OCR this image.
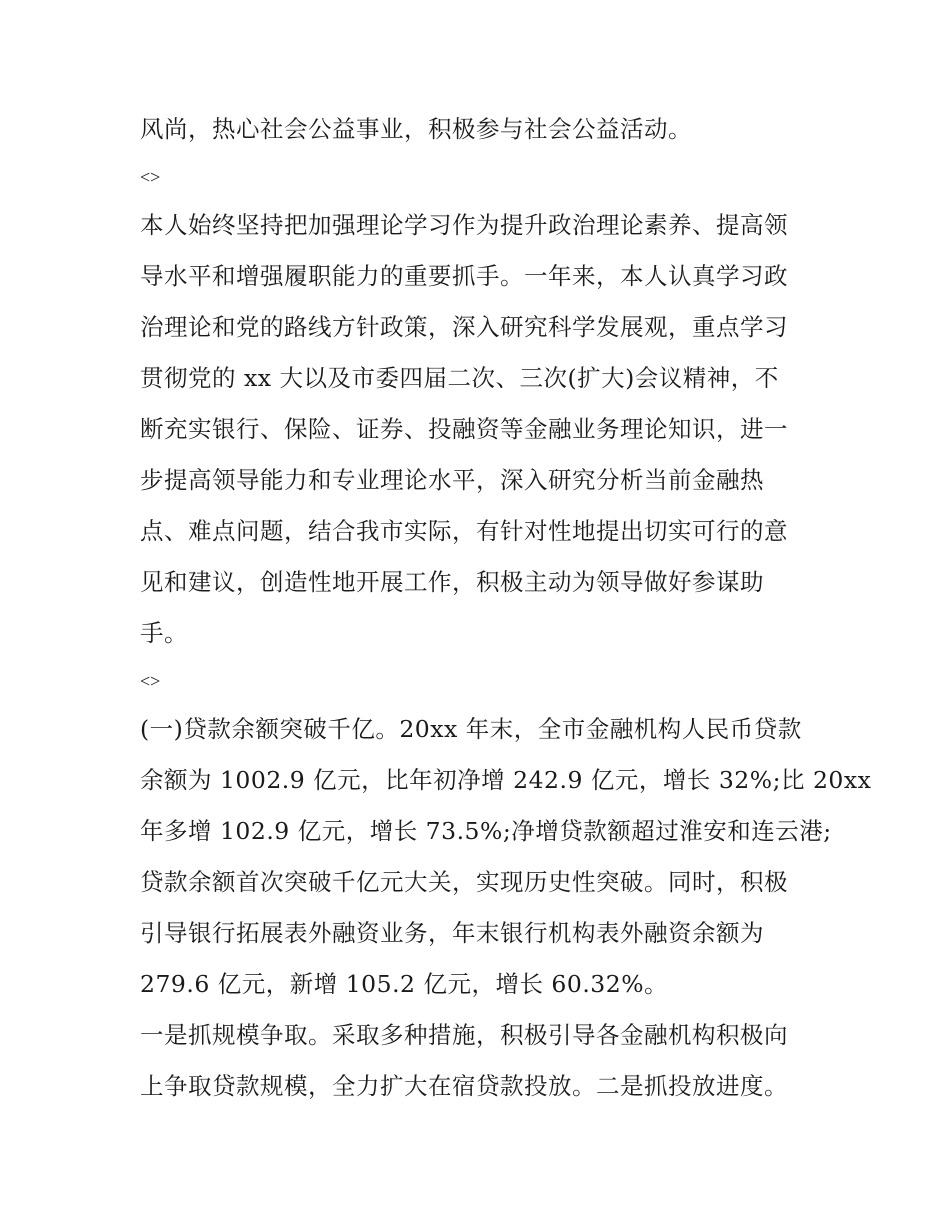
风尚，热心社会公益事业，积极参与社会公益活动。
<>
本人始终坚持把加强理论学习作为提升政治理论素养、提高领
导水平和增强履职能力的重要抓手。一年来，本人认真学习政
治理论和党的路线方针政策，深入研究科学发展观，重点学习
贯彻党的 xx 大以及市委四届二次、三次(扩大)会议精神，不
断充实银行、保险、证券、投融资等金融业务理论知识，进一
步提高领导能力和专业理论水平，深入研究分析当前金融热
点、难点问题，结合我市实际，有针对性地提出切实可行的意
见和建议，创造性地开展工作，积极主动为领导做好参谋助
手。
<>
(一)贷款余额突破千亿。20xx 年末，全市金融机构人民币贷款
余额为 1002.9 亿元，比年初净增 242.9 亿元，增长 32%;比 20xx
年多增 102.9 亿元，增长 73.5%;净增贷款额超过淮安和连云港;
贷款余额首次突破千亿元大关，实现历史性突破。同时，积极
引导银行拓展表外融资业务，年末银行机构表外融资余额为
279.6 亿元，新增 105.2 亿元，增长 60.32%。
一是抓规模争取。采取多种措施，积极引导各金融机构积极向
上争取贷款规模，全力扩大在宿贷款投放。二是抓投放进度。
